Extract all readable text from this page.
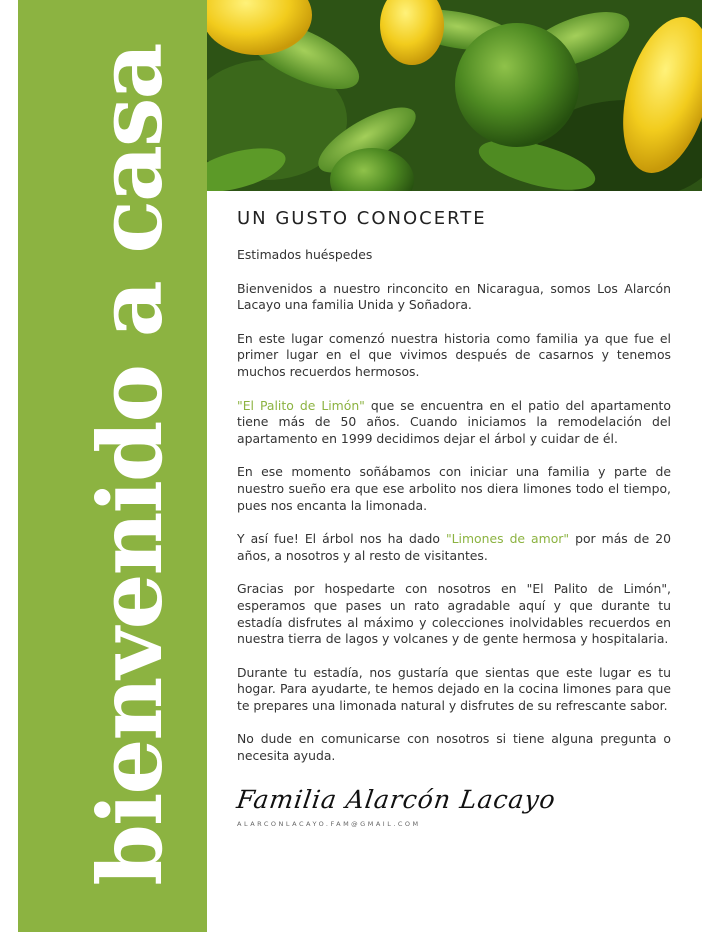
bienvenido a casa	UN GUSTO CONOCERTE

Estimados huéspedes

Bienvenidos a nuestro rinconcito en Nicaragua, somos Los Alarcón Lacayo una familia Unida y Soñadora.

En este lugar comenzó nuestra historia como familia ya que fue el primer lugar en el que vivimos después de casarnos y tenemos muchos recuerdos hermosos.

"El Palito de Limón" que se encuentra en el patio del apartamento tiene más de 50 años. Cuando iniciamos la remodelación del apartamento en 1999 decidimos dejar el árbol y cuidar de él.

En ese momento soñábamos con iniciar una familia y parte de nuestro sueño era que ese arbolito nos diera limones todo el tiempo, pues nos encanta la limonada.

Y así fue! El árbol nos ha dado "Limones de amor" por más de 20 años, a nosotros y al resto de visitantes.

Gracias por hospedarte con nosotros en "El Palito de Limón", esperamos que pases un rato agradable aquí y que durante tu estadía disfrutes al máximo y colecciones inolvidables recuerdos en nuestra tierra de lagos y volcanes y de gente hermosa y hospitalaria.

Durante tu estadía, nos gustaría que sientas que este lugar es tu hogar. Para ayudarte, te hemos dejado en la cocina limones para que te prepares una limonada natural y disfrutes de su refrescante sabor.

No dude en comunicarse con nosotros si tiene alguna pregunta o necesita ayuda.

Familia Alarcón Lacayo
ALARCONLACAYO.FAM@GMAIL.COM
